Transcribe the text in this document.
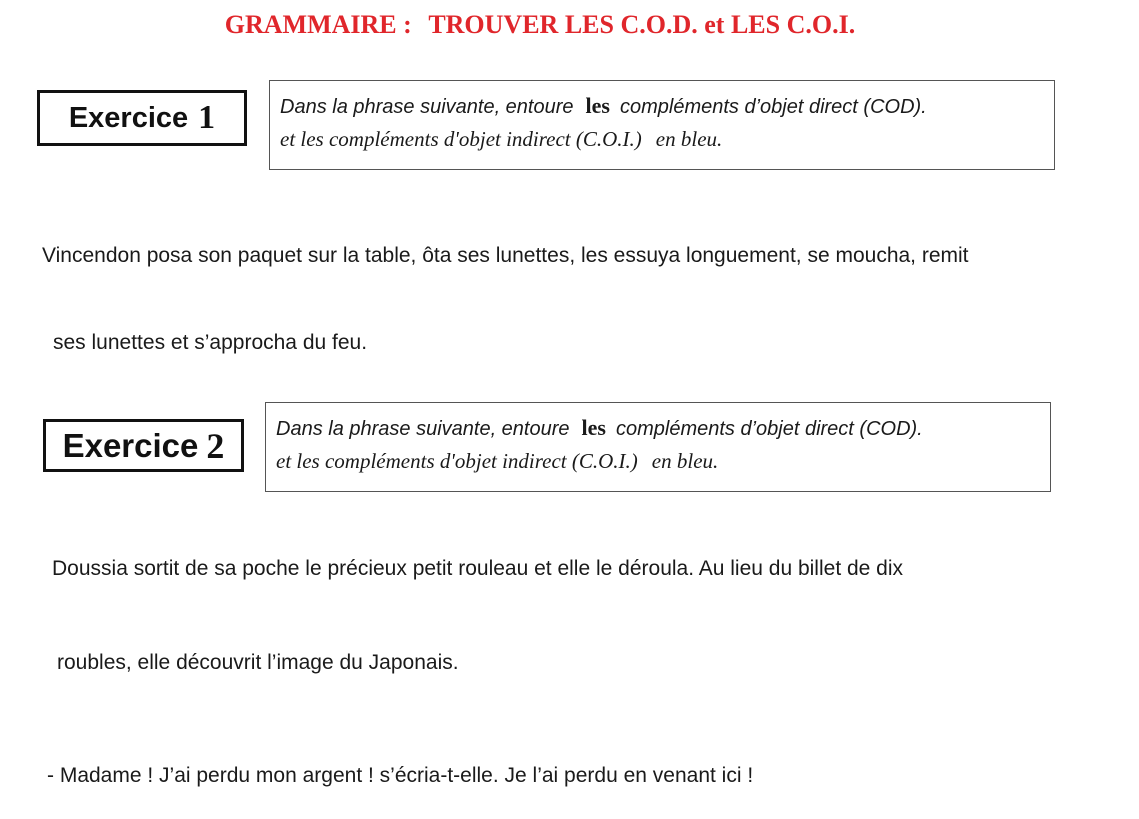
GRAMMAIRE : TROUVER LES C.O.D. et LES C.O.I.
Exercice 1	Dans la phrase suivante, entoure les compléments d’objet direct (COD).
et les compléments d'objet indirect (C.O.I.) en bleu.
Vincendon posa son paquet sur la table, ôta ses lunettes, les essuya longuement, se moucha, remit
ses lunettes et s’approcha du feu.
Exercice 2	Dans la phrase suivante, entoure les compléments d’objet direct (COD).
et les compléments d'objet indirect (C.O.I.) en bleu.
Doussia sortit de sa poche le précieux petit rouleau et elle le déroula. Au lieu du billet de dix
roubles, elle découvrit l’image du Japonais.
- Madame ! J’ai perdu mon argent ! s’écria-t-elle. Je l’ai perdu en venant ici !
